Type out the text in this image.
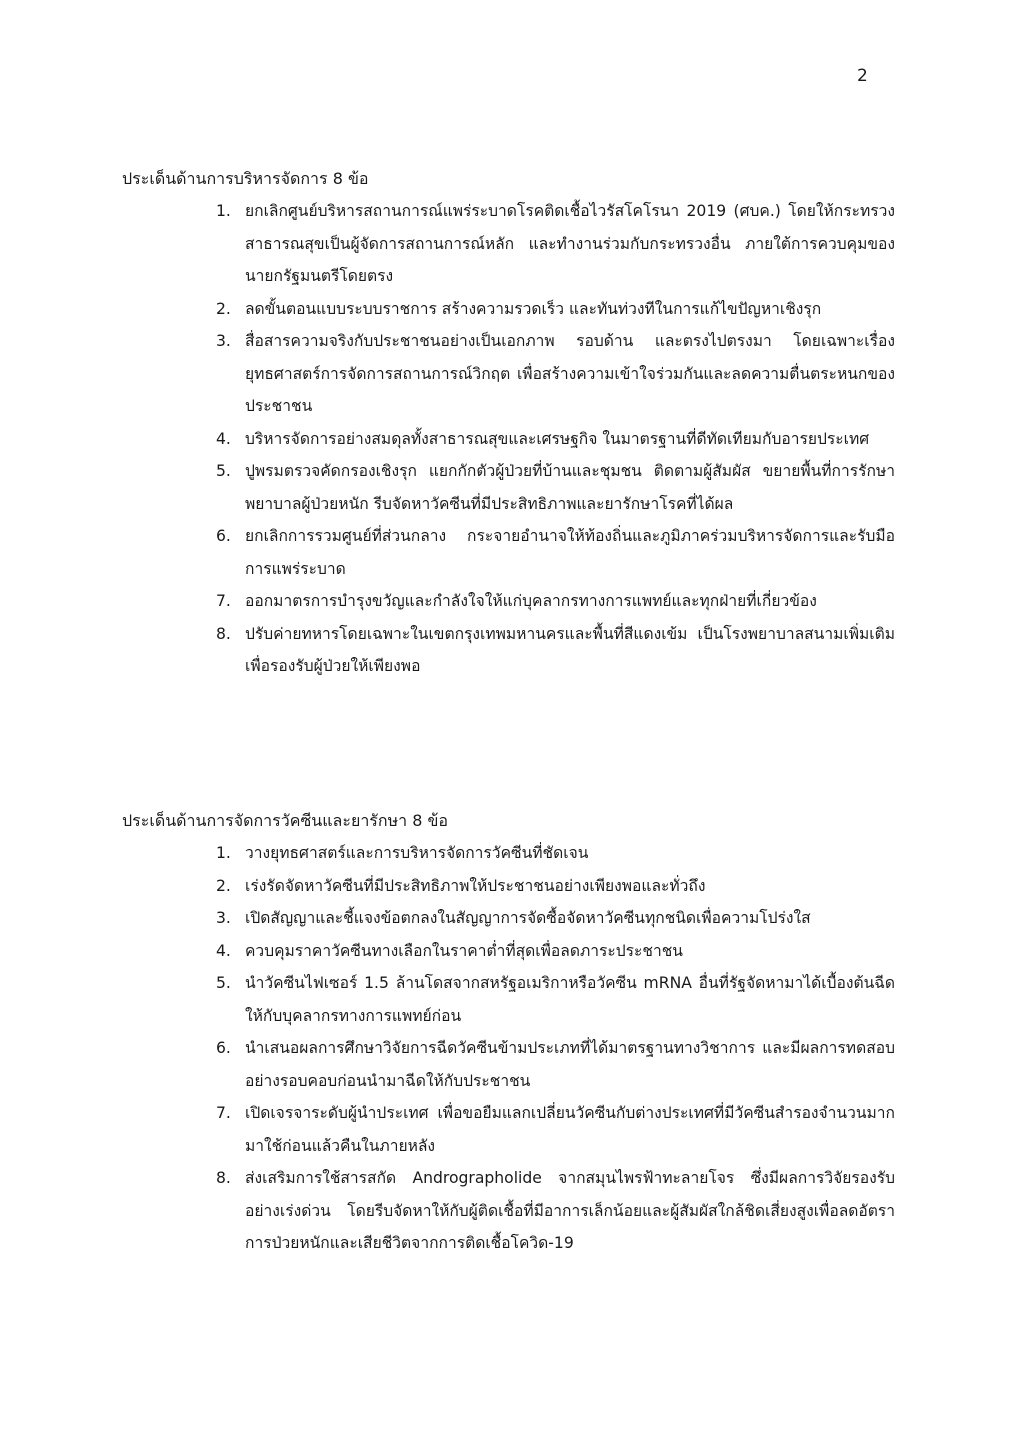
2
ประเด็นด้านการบริหารจัดการ 8 ข้อ
1. ยกเลิกศูนย์บริหารสถานการณ์แพร่ระบาดโรคติดเชื้อไวรัสโคโรนา 2019 (ศบค.) โดยให้กระทรวงสาธารณสุขเป็นผู้จัดการสถานการณ์หลัก และทำงานร่วมกับกระทรวงอื่น ภายใต้การควบคุมของนายกรัฐมนตรีโดยตรง
2. ลดขั้นตอนแบบระบบราชการ สร้างความรวดเร็ว และทันท่วงทีในการแก้ไขปัญหาเชิงรุก
3. สื่อสารความจริงกับประชาชนอย่างเป็นเอกภาพ รอบด้าน และตรงไปตรงมา โดยเฉพาะเรื่องยุทธศาสตร์การจัดการสถานการณ์วิกฤต เพื่อสร้างความเข้าใจร่วมกันและลดความตื่นตระหนกของประชาชน
4. บริหารจัดการอย่างสมดุลทั้งสาธารณสุขและเศรษฐกิจ ในมาตรฐานที่ดีทัดเทียมกับอารยประเทศ
5. ปูพรมตรวจคัดกรองเชิงรุก แยกกักตัวผู้ป่วยที่บ้านและชุมชน ติดตามผู้สัมผัส ขยายพื้นที่การรักษาพยาบาลผู้ป่วยหนัก รีบจัดหาวัคซีนที่มีประสิทธิภาพและยารักษาโรคที่ได้ผล
6. ยกเลิกการรวมศูนย์ที่ส่วนกลาง กระจายอำนาจให้ท้องถิ่นและภูมิภาคร่วมบริหารจัดการและรับมือการแพร่ระบาด
7. ออกมาตรการบำรุงขวัญและกำลังใจให้แก่บุคลากรทางการแพทย์และทุกฝ่ายที่เกี่ยวข้อง
8. ปรับค่ายทหารโดยเฉพาะในเขตกรุงเทพมหานครและพื้นที่สีแดงเข้ม เป็นโรงพยาบาลสนามเพิ่มเติมเพื่อรองรับผู้ป่วยให้เพียงพอ
ประเด็นด้านการจัดการวัคซีนและยารักษา 8 ข้อ
1. วางยุทธศาสตร์และการบริหารจัดการวัคซีนที่ชัดเจน
2. เร่งรัดจัดหาวัคซีนที่มีประสิทธิภาพให้ประชาชนอย่างเพียงพอและทั่วถึง
3. เปิดสัญญาและชี้แจงข้อตกลงในสัญญาการจัดซื้อจัดหาวัคซีนทุกชนิดเพื่อความโปร่งใส
4. ควบคุมราคาวัคซีนทางเลือกในราคาต่ำที่สุดเพื่อลดภาระประชาชน
5. นำวัคซีนไฟเซอร์ 1.5 ล้านโดสจากสหรัฐอเมริกาหรือวัคซีน mRNA อื่นที่รัฐจัดหามาได้เบื้องต้นฉีดให้กับบุคลากรทางการแพทย์ก่อน
6. นำเสนอผลการศึกษาวิจัยการฉีดวัคซีนข้ามประเภทที่ได้มาตรฐานทางวิชาการ และมีผลการทดสอบอย่างรอบคอบก่อนนำมาฉีดให้กับประชาชน
7. เปิดเจรจาระดับผู้นำประเทศ เพื่อขอยืมแลกเปลี่ยนวัคซีนกับต่างประเทศที่มีวัคซีนสำรองจำนวนมากมาใช้ก่อนแล้วคืนในภายหลัง
8. ส่งเสริมการใช้สารสกัด Andrographolide จากสมุนไพรฟ้าทะลายโจร ซึ่งมีผลการวิจัยรองรับอย่างเร่งด่วน โดยรีบจัดหาให้กับผู้ติดเชื้อที่มีอาการเล็กน้อยและผู้สัมผัสใกล้ชิดเสี่ยงสูงเพื่อลดอัตราการป่วยหนักและเสียชีวิตจากการติดเชื้อโควิด-19
